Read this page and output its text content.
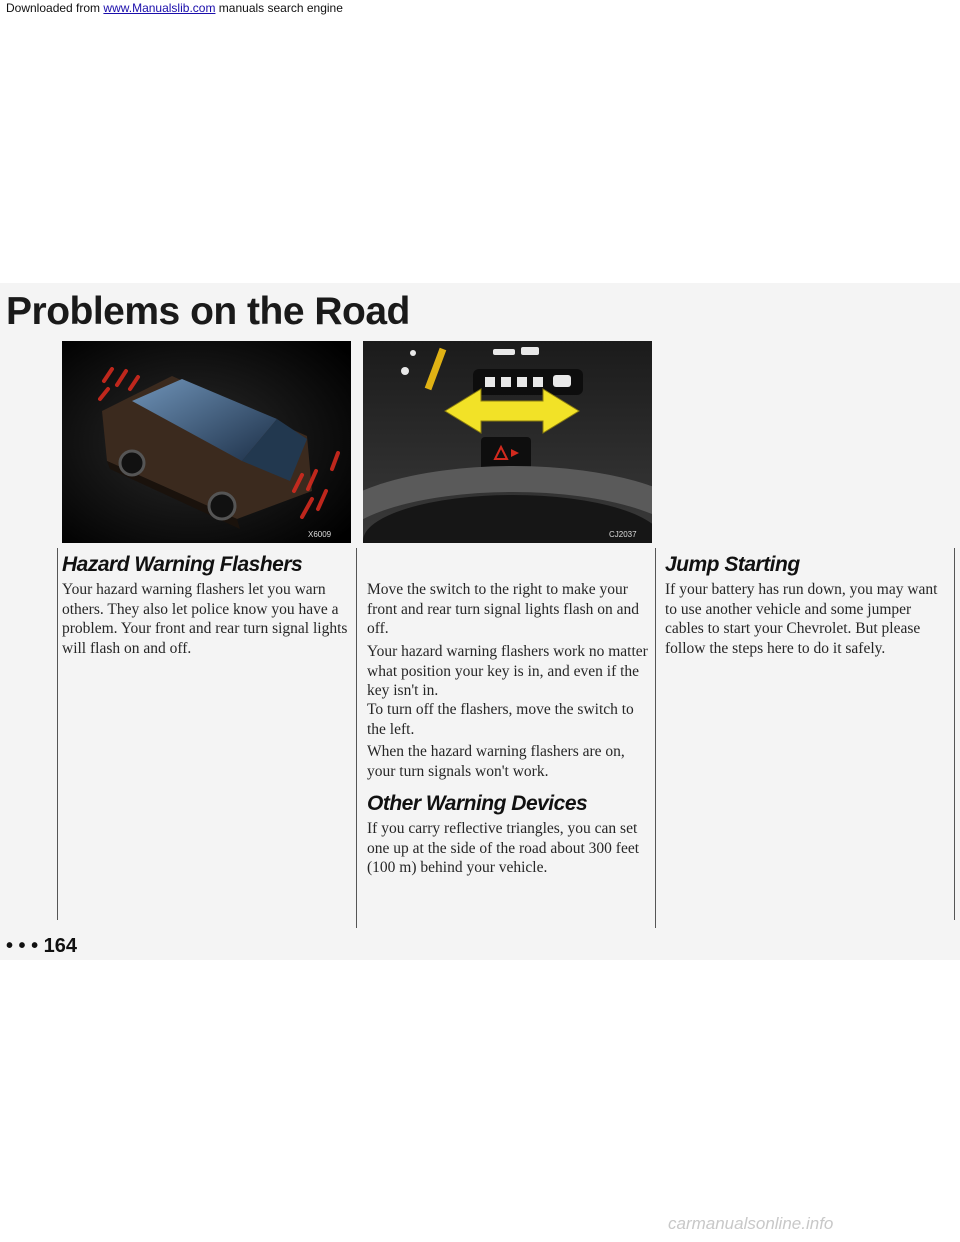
Downloaded from www.Manualslib.com manuals search engine
Problems on the Road
X6009	CJ2037
Hazard Warning Flashers

Your hazard warning flashers let you warn others. They also let police know you have a problem. Your front and rear turn signal lights will flash on and off.

Move the switch to the right to make your front and rear turn signal lights flash on and off.

Your hazard warning flashers work no matter what position your key is in, and even if the key isn't in.

To turn off the flashers, move the switch to the left.

When the hazard warning flashers are on, your turn signals won't work.

Other Warning Devices

If you carry reflective triangles, you can set one up at the side of the road about 300 feet (100 m) behind your vehicle.

Jump Starting

If your battery has run down, you may want to use another vehicle and some jumper cables to start your Chevrolet. But please follow the steps here to do it safely.

• • • 164
carmanualsonline.info
